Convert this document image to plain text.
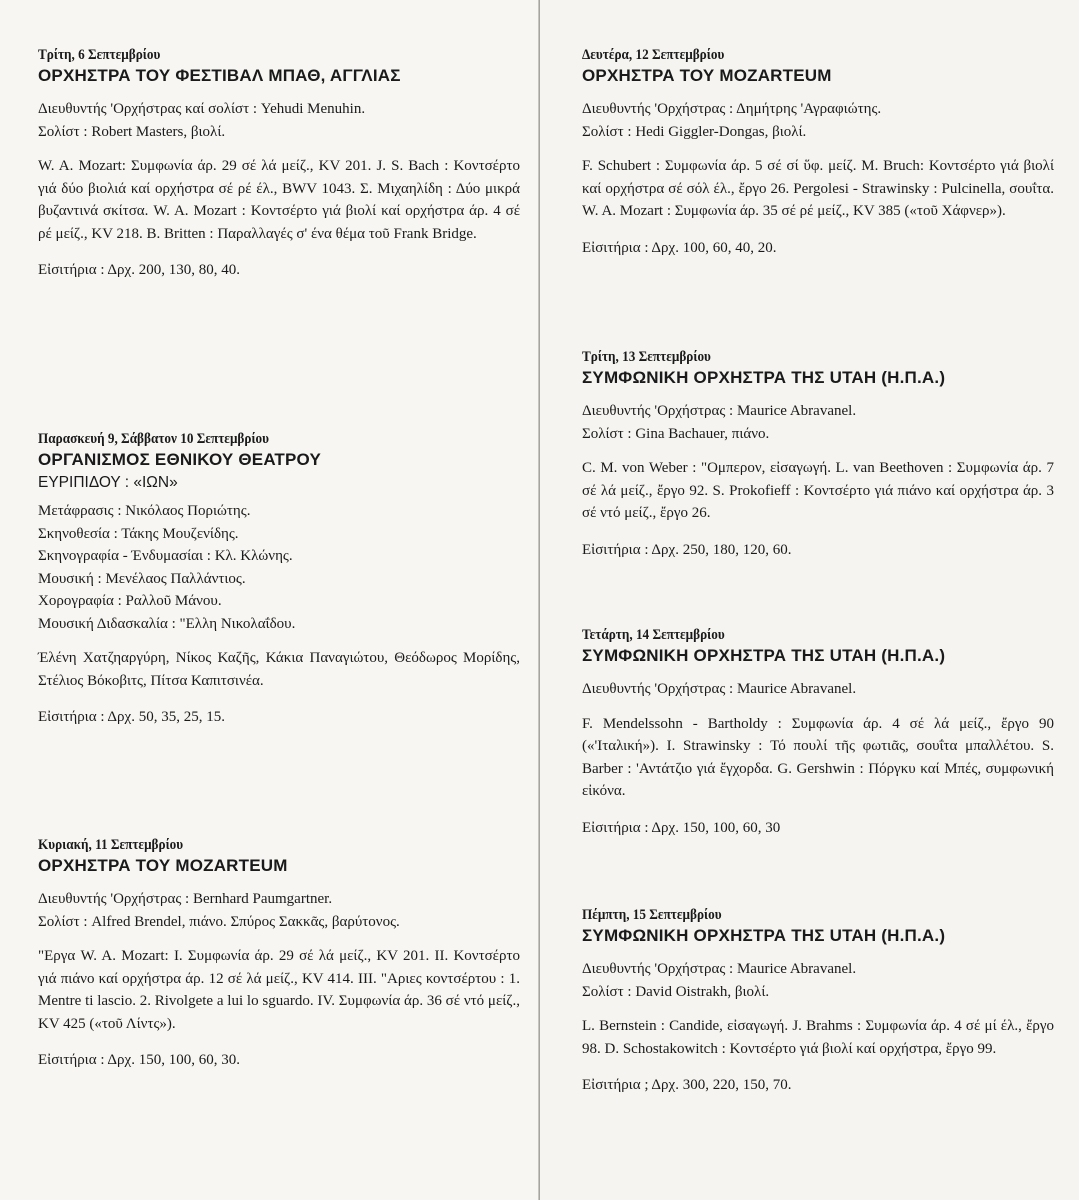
Τρίτη, 6 Σεπτεμβρίου
ΟΡΧΗΣΤΡΑ ΤΟΥ ΦΕΣΤΙΒΑΛ ΜΠΑΘ, ΑΓΓΛΙΑΣ
Διευθυντής 'Ορχήστρας καί σολίστ : Yehudi Menuhin.
Σολίστ : Robert Masters, βιολί.
W. A. Mozart: Συμφωνία άρ. 29 σέ λά μείζ., KV 201. J. S. Bach : Κοντσέρτο γιά δύο βιολιά καί ορχήστρα σέ ρέ έλ., BWV 1043. Σ. Μιχαηλίδη : Δύο μικρά βυζαντινά σκίτσα. W. A. Mozart : Κοντσέρτο γιά βιολί καί ορχήστρα άρ. 4 σέ ρέ μείζ., KV 218. B. Britten : Παραλλαγές σ' ένα θέμα τοῦ Frank Bridge.
Εἰσιτήρια : Δρχ. 200, 130, 80, 40.
Παρασκευή 9, Σάββατον 10 Σεπτεμβρίου
ΟΡΓΑΝΙΣΜΟΣ ΕΘΝΙΚΟΥ ΘΕΑΤΡΟΥ
ΕΥΡΙΠΙΔΟΥ : «ΙΩΝ»
Μετάφρασις : Νικόλαος Ποριώτης.
Σκηνοθεσία : Τάκης Μουζενίδης.
Σκηνογραφία - Ένδυμασίαι : Κλ. Κλώνης.
Μουσική : Μενέλαος Παλλάντιος.
Χορογραφία : Ραλλοῦ Μάνου.
Μουσική Διδασκαλία : "Ελλη Νικολαΐδου.
Έλένη Χατζηαργύρη, Νίκος Καζῆς, Κάκια Παναγιώτου, Θεόδωρος Μορίδης, Στέλιος Βόκοβιτς, Πίτσα Καπιτσινέα.
Εἰσιτήρια : Δρχ. 50, 35, 25, 15.
Κυριακή, 11 Σεπτεμβρίου
ΟΡΧΗΣΤΡΑ ΤΟΥ MOZARTEUM
Διευθυντής 'Ορχήστρας : Bernhard Paumgartner.
Σολίστ : Alfred Brendel, πιάνο. Σπύρος Σακκᾶς, βαρύτονος.
"Εργα W. A. Mozart: I. Συμφωνία άρ. 29 σέ λά μείζ., KV 201. II. Κοντσέρτο γιά πιάνο καί ορχήστρα άρ. 12 σέ λά μείζ., KV 414. III. "Αριες κοντσέρτου : 1. Mentre ti lascio. 2. Rivolgete a lui lo sguardo. IV. Συμφωνία άρ. 36 σέ ντό μείζ., KV 425 («τοῦ Λίντς»).
Εἰσιτήρια : Δρχ. 150, 100, 60, 30.
Δευτέρα, 12 Σεπτεμβρίου
ΟΡΧΗΣΤΡΑ ΤΟΥ MOZARTEUM
Διευθυντής 'Ορχήστρας : Δημήτρης 'Αγραφιώτης.
Σολίστ : Hedi Giggler-Dongas, βιολί.
F. Schubert : Συμφωνία άρ. 5 σέ σί ὕφ. μείζ. M. Bruch: Κοντσέρτο γιά βιολί καί ορχήστρα σέ σόλ έλ., ἔργο 26. Pergolesi - Strawinsky : Pulcinella, σουΐτα. W. A. Mozart : Συμφωνία άρ. 35 σέ ρέ μείζ., KV 385 («τοῦ Χάφνερ»).
Εἰσιτήρια : Δρχ. 100, 60, 40, 20.
Τρίτη, 13 Σεπτεμβρίου
ΣΥΜΦΩΝΙΚΗ ΟΡΧΗΣΤΡΑ ΤΗΣ UTAH (Η.Π.Α.)
Διευθυντής 'Ορχήστρας : Maurice Abravanel.
Σολίστ : Gina Bachauer, πιάνο.
C. M. von Weber : "Ομπερον, εἰσαγωγή. L. van Beethoven : Συμφωνία άρ. 7 σέ λά μείζ., ἔργο 92. S. Prokofieff : Κοντσέρτο γιά πιάνο καί ορχήστρα άρ. 3 σέ ντό μείζ., ἔργο 26.
Εἰσιτήρια : Δρχ. 250, 180, 120, 60.
Τετάρτη, 14 Σεπτεμβρίου
ΣΥΜΦΩΝΙΚΗ ΟΡΧΗΣΤΡΑ ΤΗΣ UTAH (Η.Π.Α.)
Διευθυντής 'Ορχήστρας : Maurice Abravanel.
F. Mendelssohn - Bartholdy : Συμφωνία άρ. 4 σέ λά μείζ., ἔργο 90 («'Ιταλική»). I. Strawinsky : Τό πουλί τῆς φωτιᾶς, σουΐτα μπαλλέτου. S. Barber : 'Αντάτζιο γιά ἔγχορδα. G. Gershwin : Πόργκυ καί Μπές, συμφωνική εἰκόνα.
Εἰσιτήρια : Δρχ. 150, 100, 60, 30
Πέμπτη, 15 Σεπτεμβρίου
ΣΥΜΦΩΝΙΚΗ ΟΡΧΗΣΤΡΑ ΤΗΣ UTAH (Η.Π.Α.)
Διευθυντής 'Ορχήστρας : Maurice Abravanel.
Σολίστ : David Oistrakh, βιολί.
L. Bernstein : Candide, εἰσαγωγή. J. Brahms : Συμφωνία άρ. 4 σέ μί έλ., ἔργο 98. D. Schostakowitch : Κοντσέρτο γιά βιολί καί ορχήστρα, ἔργο 99.
Εἰσιτήρια ; Δρχ. 300, 220, 150, 70.
